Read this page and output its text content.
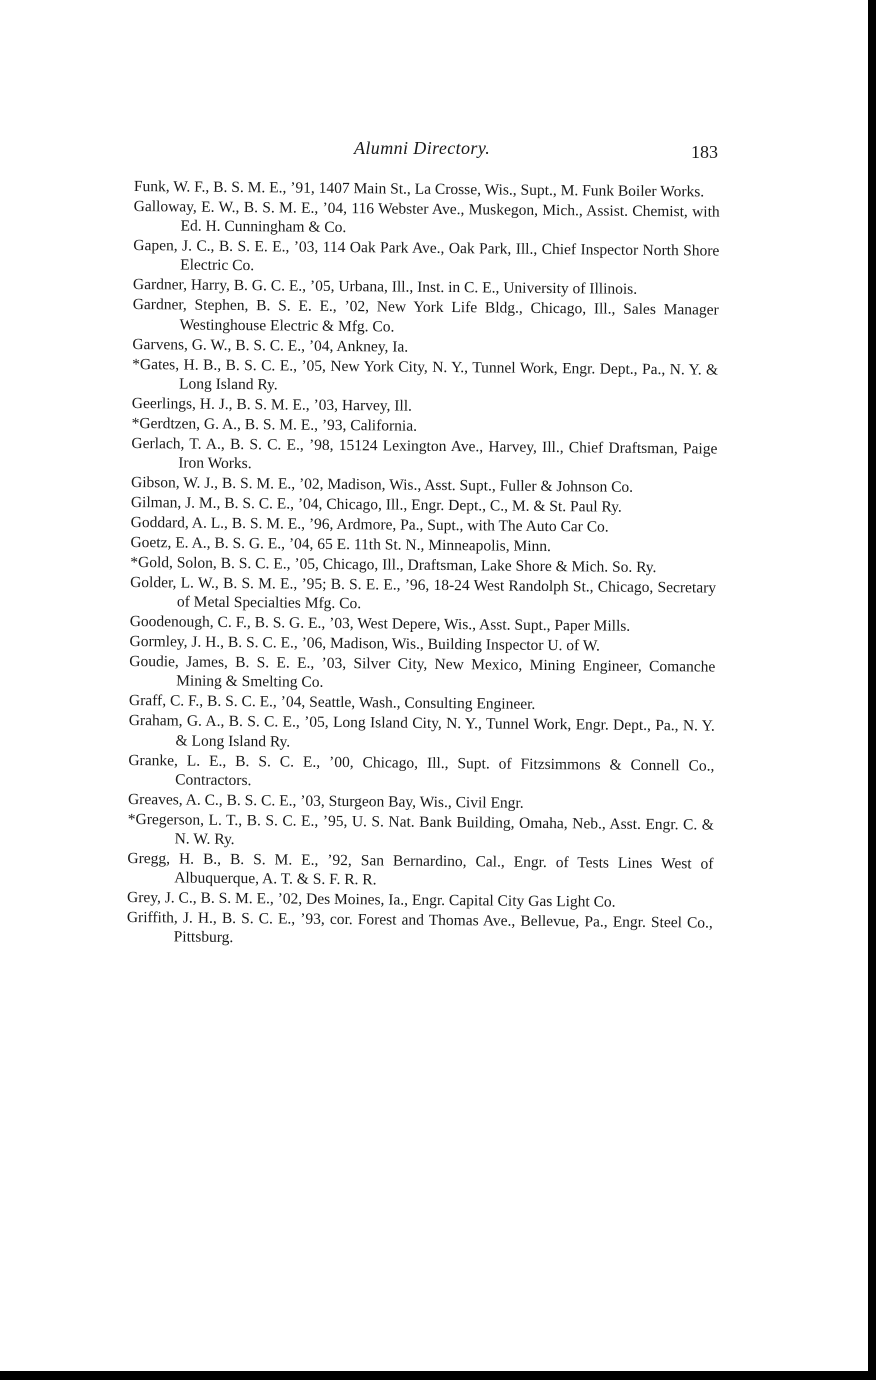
Alumni Directory.	183

Funk, W. F., B. S. M. E., ’91, 1407 Main St., La Crosse, Wis., Supt., M. Funk Boiler Works.

Galloway, E. W., B. S. M. E., ’04, 116 Webster Ave., Muskegon, Mich., Assist. Chemist, with Ed. H. Cunningham & Co.

Gapen, J. C., B. S. E. E., ’03, 114 Oak Park Ave., Oak Park, Ill., Chief Inspector North Shore Electric Co.

Gardner, Harry, B. G. C. E., ’05, Urbana, Ill., Inst. in C. E., University of Illinois.

Gardner, Stephen, B. S. E. E., ’02, New York Life Bldg., Chicago, Ill., Sales Manager Westinghouse Electric & Mfg. Co.

Garvens, G. W., B. S. C. E., ’04, Ankney, Ia.

*Gates, H. B., B. S. C. E., ’05, New York City, N. Y., Tunnel Work, Engr. Dept., Pa., N. Y. & Long Island Ry.

Geerlings, H. J., B. S. M. E., ’03, Harvey, Ill.

*Gerdtzen, G. A., B. S. M. E., ’93, California.

Gerlach, T. A., B. S. C. E., ’98, 15124 Lexington Ave., Harvey, Ill., Chief Draftsman, Paige Iron Works.

Gibson, W. J., B. S. M. E., ’02, Madison, Wis., Asst. Supt., Fuller & Johnson Co.

Gilman, J. M., B. S. C. E., ’04, Chicago, Ill., Engr. Dept., C., M. & St. Paul Ry.

Goddard, A. L., B. S. M. E., ’96, Ardmore, Pa., Supt., with The Auto Car Co.

Goetz, E. A., B. S. G. E., ’04, 65 E. 11th St. N., Minneapolis, Minn.

*Gold, Solon, B. S. C. E., ’05, Chicago, Ill., Draftsman, Lake Shore & Mich. So. Ry.

Golder, L. W., B. S. M. E., ’95; B. S. E. E., ’96, 18-24 West Randolph St., Chicago, Secretary of Metal Specialties Mfg. Co.

Goodenough, C. F., B. S. G. E., ’03, West Depere, Wis., Asst. Supt., Paper Mills.

Gormley, J. H., B. S. C. E., ’06, Madison, Wis., Building Inspector U. of W.

Goudie, James, B. S. E. E., ’03, Silver City, New Mexico, Mining Engineer, Comanche Mining & Smelting Co.

Graff, C. F., B. S. C. E., ’04, Seattle, Wash., Consulting Engineer.

Graham, G. A., B. S. C. E., ’05, Long Island City, N. Y., Tunnel Work, Engr. Dept., Pa., N. Y. & Long Island Ry.

Granke, L. E., B. S. C. E., ’00, Chicago, Ill., Supt. of Fitzsimmons & Connell Co., Contractors.

Greaves, A. C., B. S. C. E., ’03, Sturgeon Bay, Wis., Civil Engr.

*Gregerson, L. T., B. S. C. E., ’95, U. S. Nat. Bank Building, Omaha, Neb., Asst. Engr. C. & N. W. Ry.

Gregg, H. B., B. S. M. E., ’92, San Bernardino, Cal., Engr. of Tests Lines West of Albuquerque, A. T. & S. F. R. R.

Grey, J. C., B. S. M. E., ’02, Des Moines, Ia., Engr. Capital City Gas Light Co.

Griffith, J. H., B. S. C. E., ’93, cor. Forest and Thomas Ave., Bellevue, Pa., Engr. Steel Co., Pittsburg.
